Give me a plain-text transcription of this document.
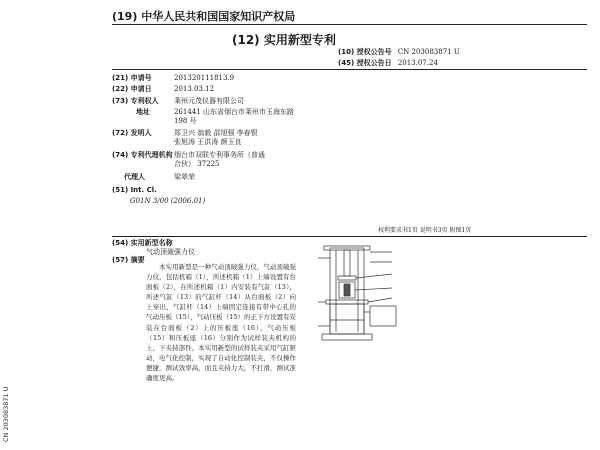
(19) 中华人民共和国国家知识产权局
(12) 实用新型专利
(10) 授权公告号 CN 203083871 U
(45) 授权公告日 2013.07.24
(21) 申请号	201320111813.9
(22) 申请日	2013.03.12
(73) 专利权人 莱州元茂仪器有限公司
地址	261441 山东省烟台市莱州市玉海东路
198 号
(72) 发明人	郑卫兴 翁毅 邵旭强 李春银
张旭涛 王洪涛 颜玉良
(74) 专利代理机构 烟台市双联专利事务所（普通
合伙） 37225
代理人	梁翠荣
(51) Int. Cl.
G01N 3/00 (2006.01)
权利要求书1页 说明书3页 附图1页
(54) 实用新型名称
气动顶破强力仪
(57) 摘要
本实用新型是一种气动顶破强力仪，气动顶破强力仪，包括机箱（1），所述机箱（1）上端设置有台面板（2），在所述机箱（1）内安装有气缸（13），所述气缸（13）的气缸杆（14）从台面板（2）向上穿出，气缸杆（14）上端固定连接有带中心孔的气动压板（15），气动压板（15）的正下方设置有安装在台面板（2）上的压板座（16），气动压板（15）和压板座（16）分别作为试样装夹机构的上、下夹持部件。本实用新型的试样装夹采用气缸驱动，电气化控制，实现了自动化控制装夹，不仅操作便捷，测试效率高，而且夹持力大，不打滑，测试准确度更高。
CN 203083871 U
